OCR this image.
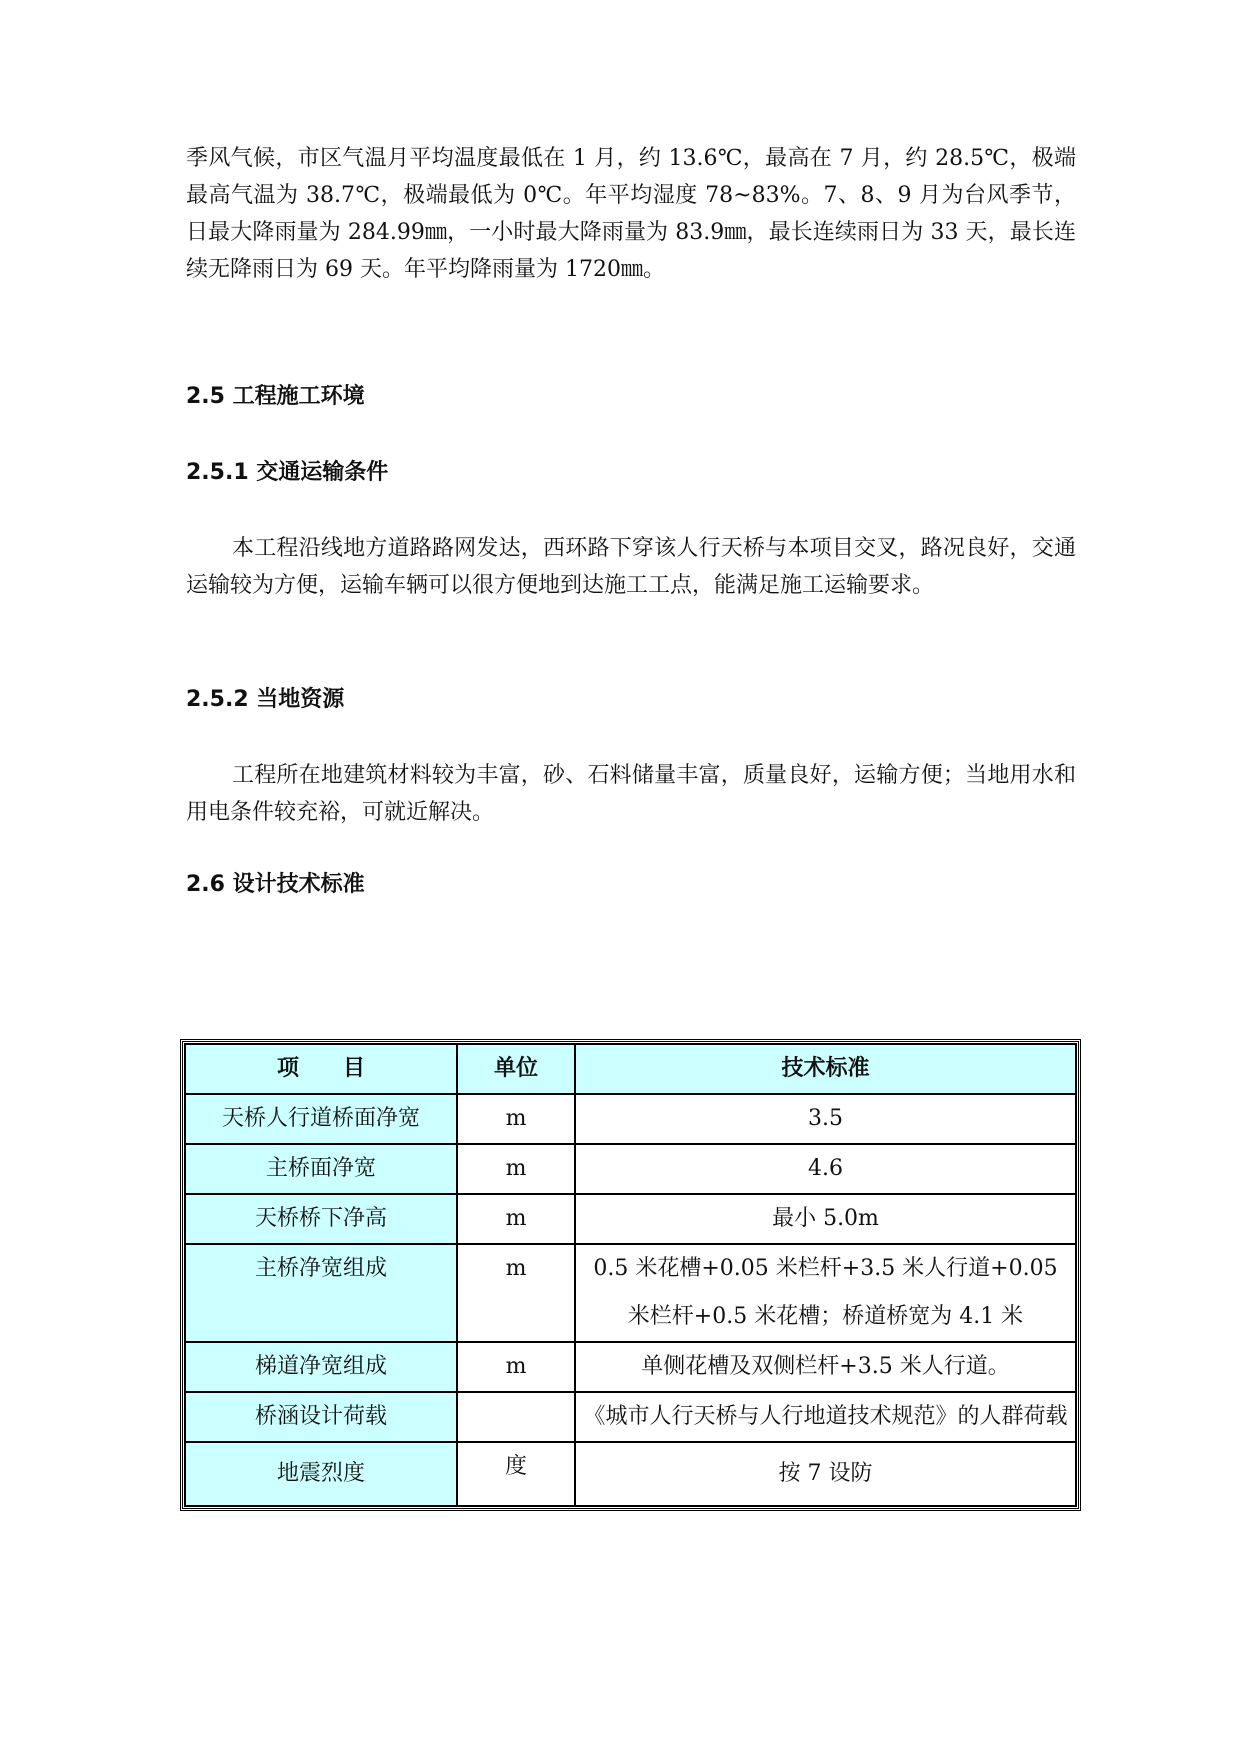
季风气候，市区气温月平均温度最低在 1 月，约 13.6℃，最高在 7 月，约 28.5℃，极端最高气温为 38.7℃，极端最低为 0℃。年平均湿度 78~83%。7、8、9 月为台风季节，日最大降雨量为 284.99㎜，一小时最大降雨量为 83.9㎜，最长连续雨日为 33 天，最长连续无降雨日为 69 天。年平均降雨量为 1720㎜。

2.5 工程施工环境
2.5.1 交通运输条件

本工程沿线地方道路路网发达，西环路下穿该人行天桥与本项目交叉，路况良好，交通运输较为方便，运输车辆可以很方便地到达施工工点，能满足施工运输要求。

2.5.2 当地资源

工程所在地建筑材料较为丰富，砂、石料储量丰富，质量良好，运输方便；当地用水和用电条件较充裕，可就近解决。

2.6 设计技术标准
项　　目	单位	技术标准
天桥人行道桥面净宽	m	3.5
主桥面净宽	m	4.6
天桥桥下净高	m	最小 5.0m
主桥净宽组成	m	0.5 米花槽+0.05 米栏杆+3.5 米人行道+0.05 米栏杆+0.5 米花槽；桥道桥宽为 4.1 米
梯道净宽组成	m	单侧花槽及双侧栏杆+3.5 米人行道。
桥涵设计荷载		《城市人行天桥与人行地道技术规范》的人群荷载
地震烈度	度	按 7 设防
